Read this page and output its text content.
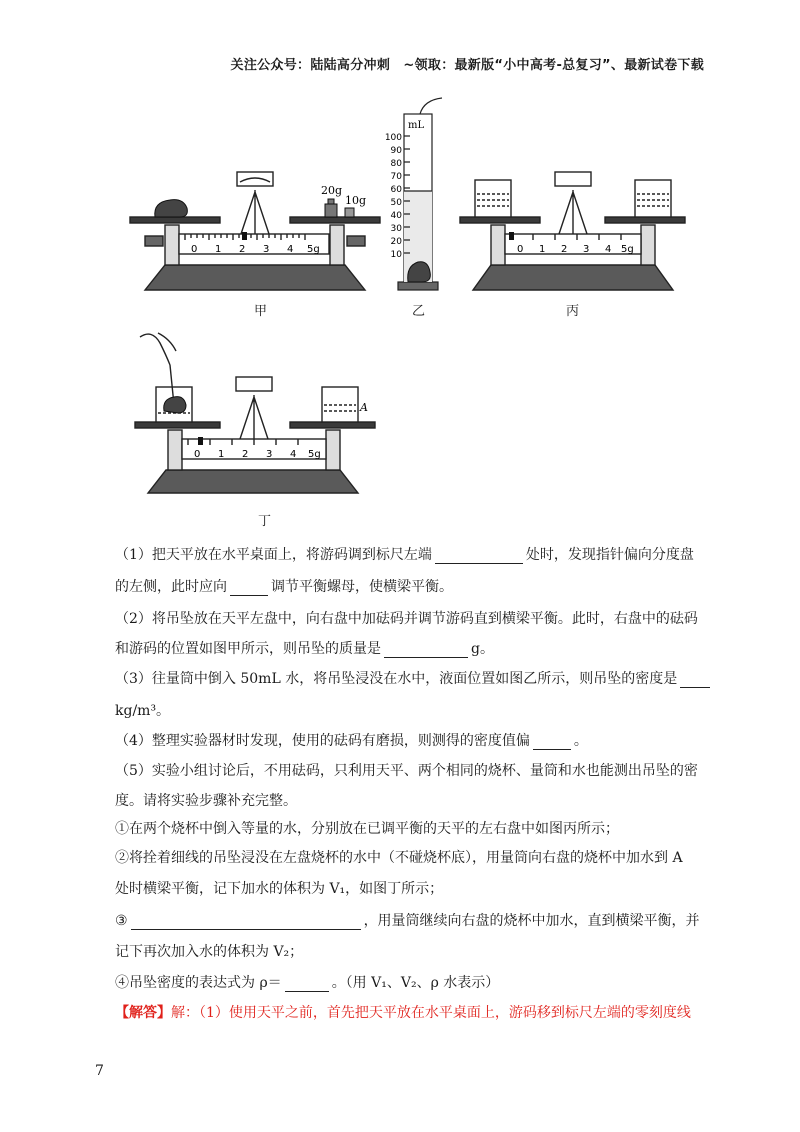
关注公众号：陆陆高分冲刺　~领取：最新版“小中高考-总复习”、最新试卷下载
20g
10g
0 1 2 3 4 5g
甲
mL
100
90
80
70
60
50
40
30
20
10
乙
0 1 2 3 4 5g
丙
A
0 1 2 3 4 5g
丁
（1）把天平放在水平桌面上，将游码调到标尺左端	处时，发现指针偏向分度盘
的左侧，此时应向	调节平衡螺母，使横梁平衡。
（2）将吊坠放在天平左盘中，向右盘中加砝码并调节游码直到横梁平衡。此时，右盘中的砝码
和游码的位置如图甲所示，则吊坠的质量是	g。
（3）往量筒中倒入 50mL 水，将吊坠浸没在水中，液面位置如图乙所示，则吊坠的密度是
kg/m³。
（4）整理实验器材时发现，使用的砝码有磨损，则测得的密度值偏	。
（5）实验小组讨论后，不用砝码，只利用天平、两个相同的烧杯、量筒和水也能测出吊坠的密
度。请将实验步骤补充完整。
①在两个烧杯中倒入等量的水，分别放在已调平衡的天平的左右盘中如图丙所示；
②将拴着细线的吊坠浸没在左盘烧杯的水中（不碰烧杯底），用量筒向右盘的烧杯中加水到 A
处时横梁平衡，记下加水的体积为 V₁，如图丁所示；
③	，用量筒继续向右盘的烧杯中加水，直到横梁平衡，并
记下再次加入水的体积为 V₂；
④吊坠密度的表达式为 ρ＝	。（用 V₁、V₂、ρ 水表示）
【解答】解：（1）使用天平之前，首先把天平放在水平桌面上，游码移到标尺左端的零刻度线
7
